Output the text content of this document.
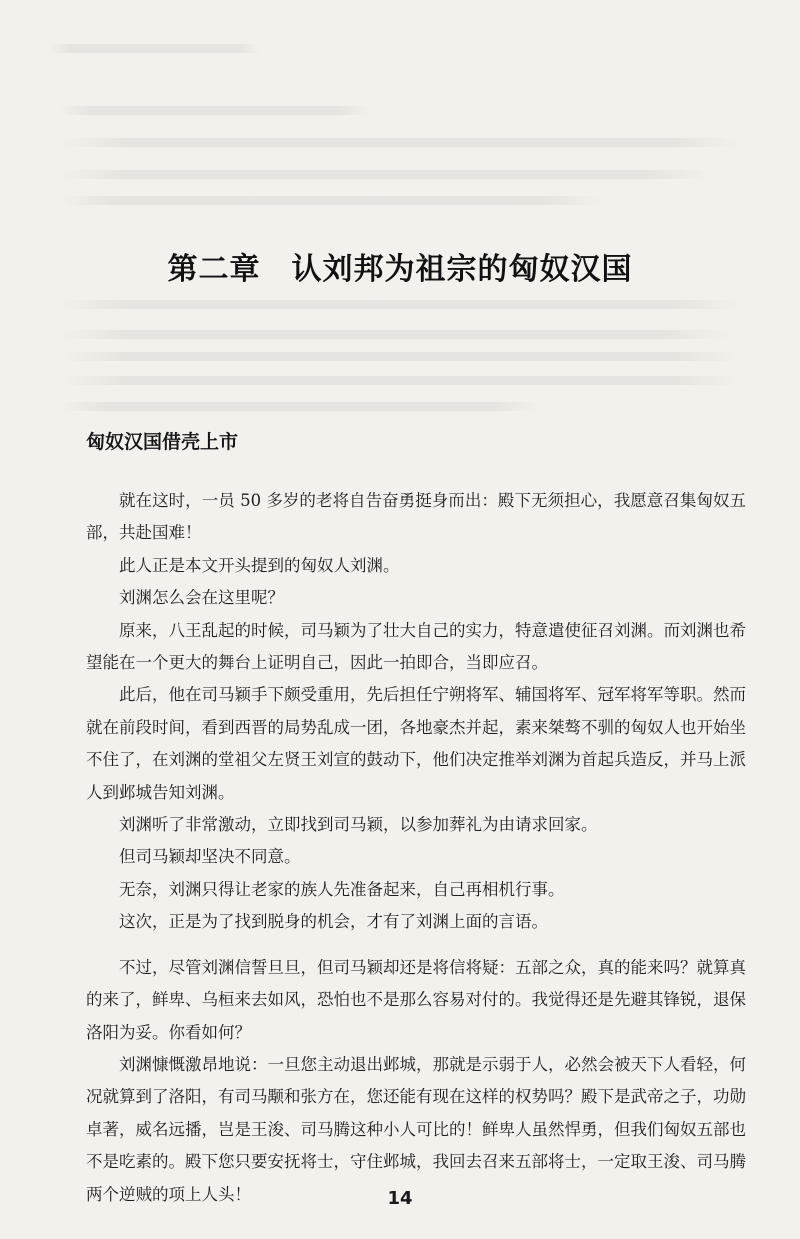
第二章　认刘邦为祖宗的匈奴汉国
匈奴汉国借壳上市

就在这时，一员 50 多岁的老将自告奋勇挺身而出：殿下无须担心，我愿意召集匈奴五部，共赴国难！

此人正是本文开头提到的匈奴人刘渊。

刘渊怎么会在这里呢？

原来，八王乱起的时候，司马颖为了壮大自己的实力，特意遣使征召刘渊。而刘渊也希望能在一个更大的舞台上证明自己，因此一拍即合，当即应召。

此后，他在司马颖手下颇受重用，先后担任宁朔将军、辅国将军、冠军将军等职。然而就在前段时间，看到西晋的局势乱成一团，各地豪杰并起，素来桀骜不驯的匈奴人也开始坐不住了，在刘渊的堂祖父左贤王刘宣的鼓动下，他们决定推举刘渊为首起兵造反，并马上派人到邺城告知刘渊。

刘渊听了非常激动，立即找到司马颖，以参加葬礼为由请求回家。

但司马颖却坚决不同意。

无奈，刘渊只得让老家的族人先准备起来，自己再相机行事。

这次，正是为了找到脱身的机会，才有了刘渊上面的言语。

不过，尽管刘渊信誓旦旦，但司马颖却还是将信将疑：五部之众，真的能来吗？就算真的来了，鲜卑、乌桓来去如风，恐怕也不是那么容易对付的。我觉得还是先避其锋锐，退保洛阳为妥。你看如何？

刘渊慷慨激昂地说：一旦您主动退出邺城，那就是示弱于人，必然会被天下人看轻，何况就算到了洛阳，有司马颙和张方在，您还能有现在这样的权势吗？殿下是武帝之子，功勋卓著，威名远播，岂是王浚、司马腾这种小人可比的！鲜卑人虽然悍勇，但我们匈奴五部也不是吃素的。殿下您只要安抚将士，守住邺城，我回去召来五部将士，一定取王浚、司马腾两个逆贼的项上人头！	14
